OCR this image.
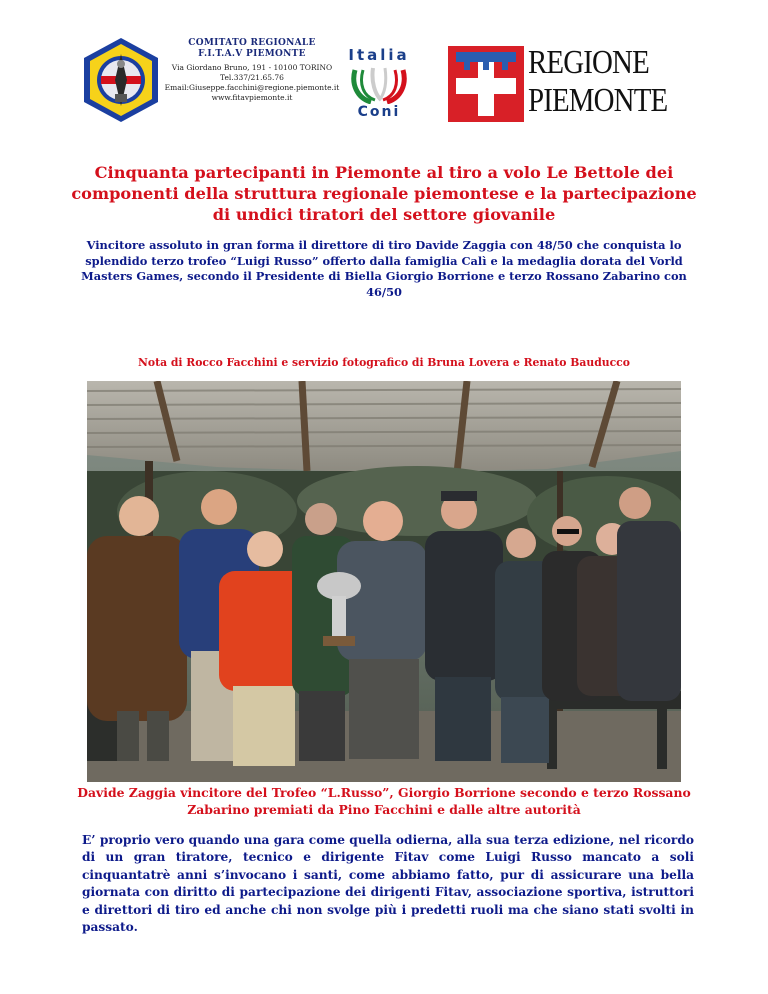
COMITATO REGIONALE
F.I.T.A.V PIEMONTE
Via Giordano Bruno, 191 - 10100 TORINO
Tel.337/21.65.76
Email:Giuseppe.facchini@regione.piemonte.it
www.fitavpiemonte.it
Italia
Coni
REGIONE
PIEMONTE
Cinquanta partecipanti in Piemonte al tiro a volo Le Bettole dei componenti della struttura regionale piemontese e la partecipazione di undici tiratori del settore giovanile
Vincitore assoluto in gran forma il direttore di tiro Davide Zaggia con 48/50 che conquista lo splendido terzo trofeo “Luigi Russo” offerto dalla famiglia Calì e la medaglia dorata del Vorld Masters Games, secondo il Presidente di Biella Giorgio Borrione e terzo Rossano Zabarino con 46/50
Nota di Rocco Facchini e servizio fotografico di Bruna Lovera e Renato Bauducco
Davide Zaggia vincitore del Trofeo “L.Russo”, Giorgio Borrione secondo e terzo Rossano Zabarino premiati da Pino Facchini e dalle altre autorità
E’ proprio vero quando una gara come quella odierna, alla sua terza edizione, nel ricordo di un gran tiratore, tecnico e dirigente Fitav come Luigi Russo mancato a soli cinquantatrè anni s’invocano i santi, come abbiamo fatto, pur di assicurare una bella giornata con diritto di partecipazione dei dirigenti Fitav, associazione sportiva, istruttori e direttori di tiro ed anche chi non svolge più i predetti ruoli ma che siano stati svolti in passato.
